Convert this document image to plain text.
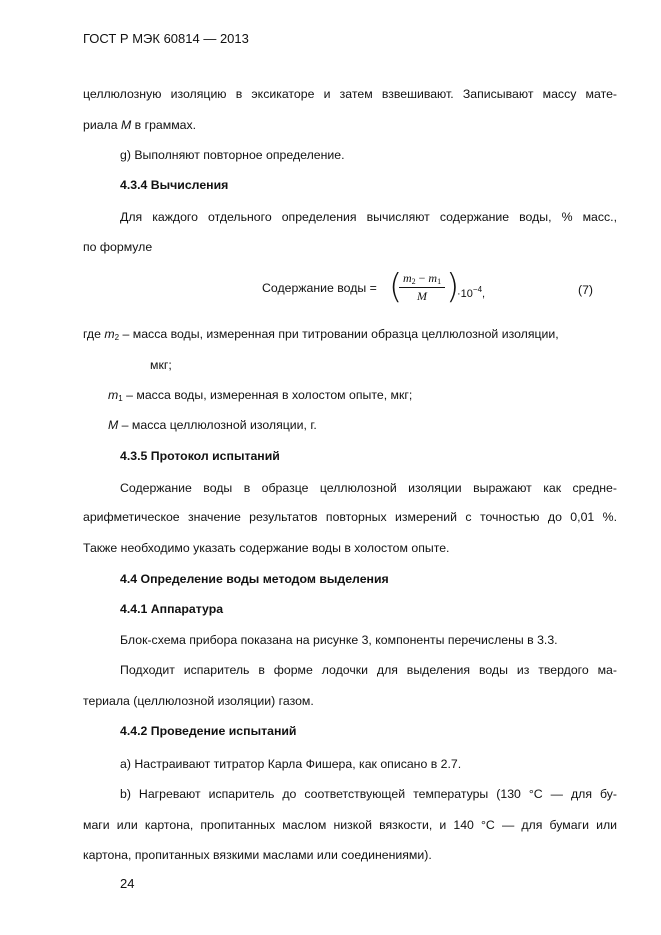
ГОСТ Р МЭК 60814 — 2013
целлюлозную изоляцию в эксикаторе и затем взвешивают. Записывают массу мате-
риала M в граммах.
g) Выполняют повторное определение.
4.3.4 Вычисления
Для каждого отдельного определения вычисляют содержание воды, % масс.,
по формуле
Содержание воды = (
$\frac{m_2 - m_1}{M}$ )
$\cdot 10^{-4}$,	(7)
где $m_2$ – масса воды, измеренная при титровании образца целлюлозной изоляции,
мкг;
$m_1$ – масса воды, измеренная в холостом опыте, мкг;
M – масса целлюлозной изоляции, г.
4.3.5 Протокол испытаний
Содержание воды в образце целлюлозной изоляции выражают как средне-
арифметическое значение результатов повторных измерений с точностью до 0,01 %.
Также необходимо указать содержание воды в холостом опыте.
4.4 Определение воды методом выделения
4.4.1 Аппаратура
Блок-схема прибора показана на рисунке 3, компоненты перечислены в 3.3.
Подходит испаритель в форме лодочки для выделения воды из твердого ма-
териала (целлюлозной изоляции) газом.
4.4.2 Проведение испытаний
a) Настраивают титратор Карла Фишера, как описано в 2.7.
b) Нагревают испаритель до соответствующей температуры (130 °С — для бу-
маги или картона, пропитанных маслом низкой вязкости, и 140 °С — для бумаги или
картона, пропитанных вязкими маслами или соединениями).
24
